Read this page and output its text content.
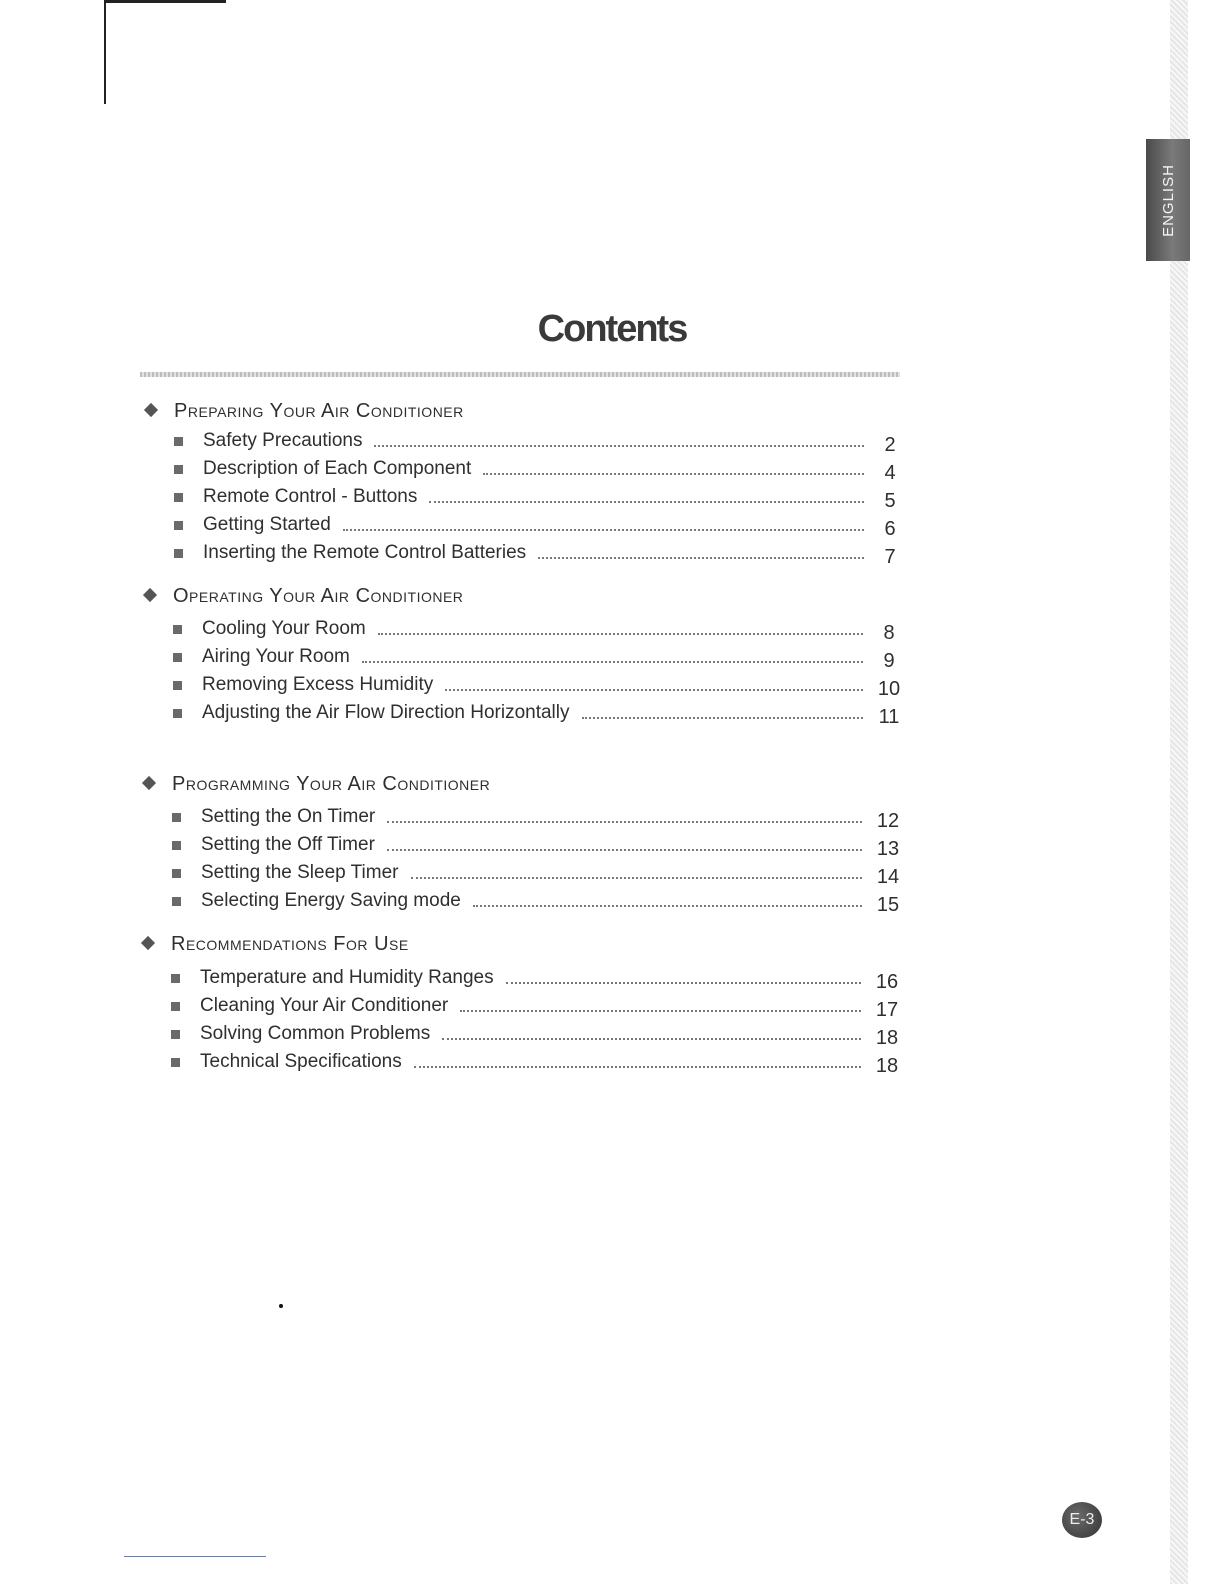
ENGLISH
Contents
Preparing Your Air Conditioner
Safety Precautions	2
Description of Each Component	4
Remote Control - Buttons	5
Getting Started	6
Inserting the Remote Control Batteries	7
Operating Your Air Conditioner
Cooling Your Room	8
Airing Your Room	9
Removing Excess Humidity	10
Adjusting the Air Flow Direction Horizontally	11
Programming Your Air Conditioner
Setting the On Timer	12
Setting the Off Timer	13
Setting the Sleep Timer	14
Selecting Energy Saving mode	15
Recommendations For Use
Temperature and Humidity Ranges	16
Cleaning Your Air Conditioner	17
Solving Common Problems	18
Technical Specifications	18
E-3
